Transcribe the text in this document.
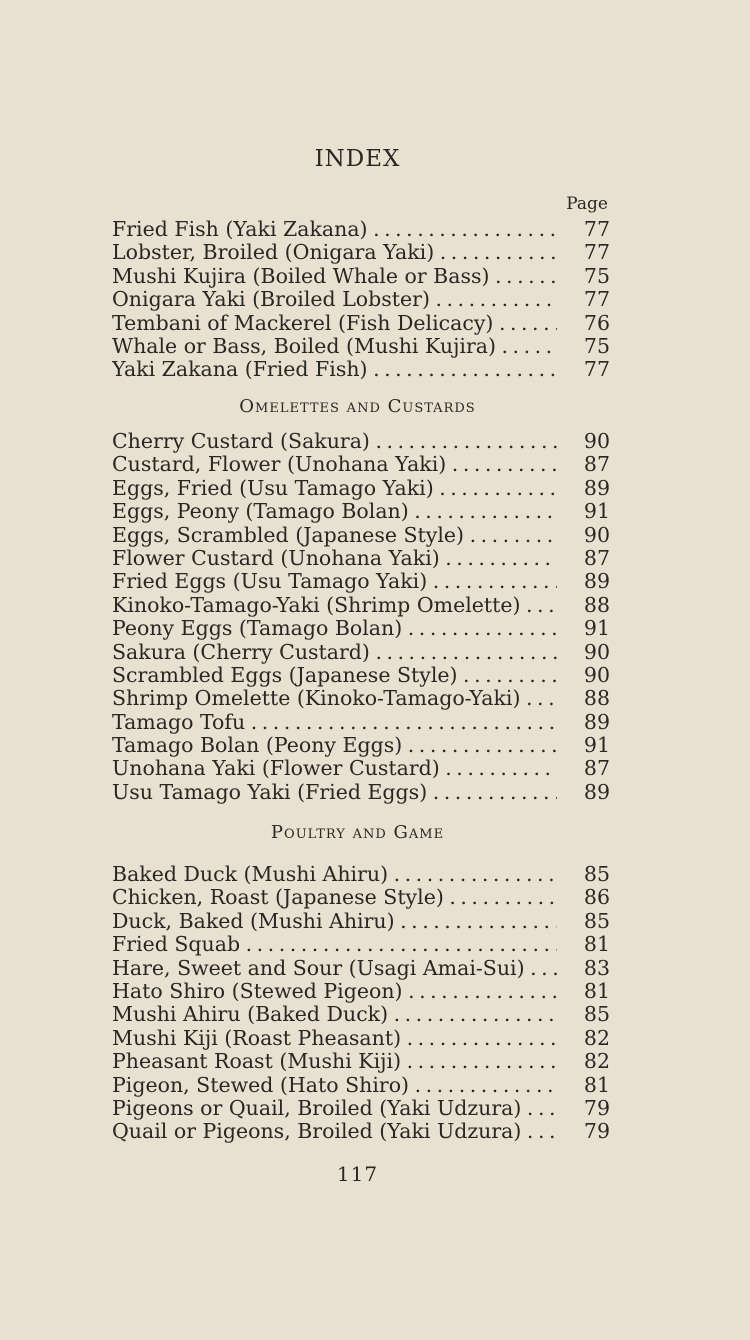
INDEX
Page
Fried Fish (Yaki Zakana) . . .	77
Lobster, Broiled (Onigara Yaki) . . .	77
Mushi Kujira (Boiled Whale or Bass) . . .	75
Onigara Yaki (Broiled Lobster) . . .	77
Tembani of Mackerel (Fish Delicacy) . . .	76
Whale or Bass, Boiled (Mushi Kujira) . . .	75
Yaki Zakana (Fried Fish) . . .	77
Omelettes and Custards
Cherry Custard (Sakura) . . .	90
Custard, Flower (Unohana Yaki) . . .	87
Eggs, Fried (Usu Tamago Yaki) . . .	89
Eggs, Peony (Tamago Bolan) . . .	91
Eggs, Scrambled (Japanese Style) . . .	90
Flower Custard (Unohana Yaki) . . .	87
Fried Eggs (Usu Tamago Yaki) . . .	89
Kinoko-Tamago-Yaki (Shrimp Omelette) . . .	88
Peony Eggs (Tamago Bolan) . . .	91
Sakura (Cherry Custard) . . .	90
Scrambled Eggs (Japanese Style) . . .	90
Shrimp Omelette (Kinoko-Tamago-Yaki) . . .	88
Tamago Tofu . . .	89
Tamago Bolan (Peony Eggs) . . .	91
Unohana Yaki (Flower Custard) . . .	87
Usu Tamago Yaki (Fried Eggs) . . .	89
Poultry and Game
Baked Duck (Mushi Ahiru) . . .	85
Chicken, Roast (Japanese Style) . . .	86
Duck, Baked (Mushi Ahiru) . . .	85
Fried Squab . . .	81
Hare, Sweet and Sour (Usagi Amai-Sui) . . .	83
Hato Shiro (Stewed Pigeon) . . .	81
Mushi Ahiru (Baked Duck) . . .	85
Mushi Kiji (Roast Pheasant) . . .	82
Pheasant Roast (Mushi Kiji) . . .	82
Pigeon, Stewed (Hato Shiro) . . .	81
Pigeons or Quail, Broiled (Yaki Udzura) . . .	79
Quail or Pigeons, Broiled (Yaki Udzura) . . .	79
117
